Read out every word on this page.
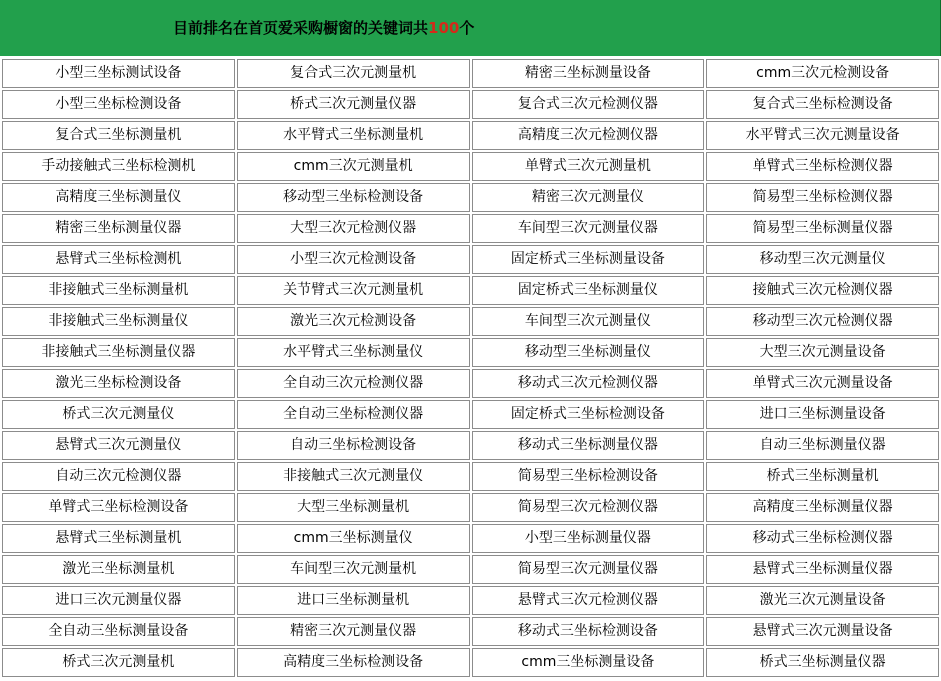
目前排名在首页爱采购橱窗的关键词共100个
小型三坐标测试设备	复合式三次元测量机	精密三坐标测量设备	cmm三次元检测设备
小型三坐标检测设备	桥式三次元测量仪器	复合式三次元检测仪器	复合式三坐标检测设备
复合式三坐标测量机	水平臂式三坐标测量机	高精度三次元检测仪器	水平臂式三次元测量设备
手动接触式三坐标检测机	cmm三次元测量机	单臂式三次元测量机	单臂式三坐标检测仪器
高精度三坐标测量仪	移动型三坐标检测设备	精密三次元测量仪	简易型三坐标检测仪器
精密三坐标测量仪器	大型三次元检测仪器	车间型三次元测量仪器	简易型三坐标测量仪器
悬臂式三坐标检测机	小型三次元检测设备	固定桥式三坐标测量设备	移动型三次元测量仪
非接触式三坐标测量机	关节臂式三次元测量机	固定桥式三坐标测量仪	接触式三次元检测仪器
非接触式三坐标测量仪	激光三次元检测设备	车间型三次元测量仪	移动型三次元检测仪器
非接触式三坐标测量仪器	水平臂式三坐标测量仪	移动型三坐标测量仪	大型三次元测量设备
激光三坐标检测设备	全自动三次元检测仪器	移动式三次元检测仪器	单臂式三次元测量设备
桥式三次元测量仪	全自动三坐标检测仪器	固定桥式三坐标检测设备	进口三坐标测量设备
悬臂式三次元测量仪	自动三坐标检测设备	移动式三坐标测量仪器	自动三坐标测量仪器
自动三次元检测仪器	非接触式三次元测量仪	简易型三坐标检测设备	桥式三坐标测量机
单臂式三坐标检测设备	大型三坐标测量机	简易型三次元检测仪器	高精度三坐标测量仪器
悬臂式三坐标测量机	cmm三坐标测量仪	小型三坐标测量仪器	移动式三坐标检测仪器
激光三坐标测量机	车间型三次元测量机	简易型三次元测量仪器	悬臂式三坐标测量仪器
进口三次元测量仪器	进口三坐标测量机	悬臂式三次元检测仪器	激光三次元测量设备
全自动三坐标测量设备	精密三次元测量仪器	移动式三坐标检测设备	悬臂式三次元测量设备
桥式三次元测量机	高精度三坐标检测设备	cmm三坐标测量设备	桥式三坐标测量仪器
